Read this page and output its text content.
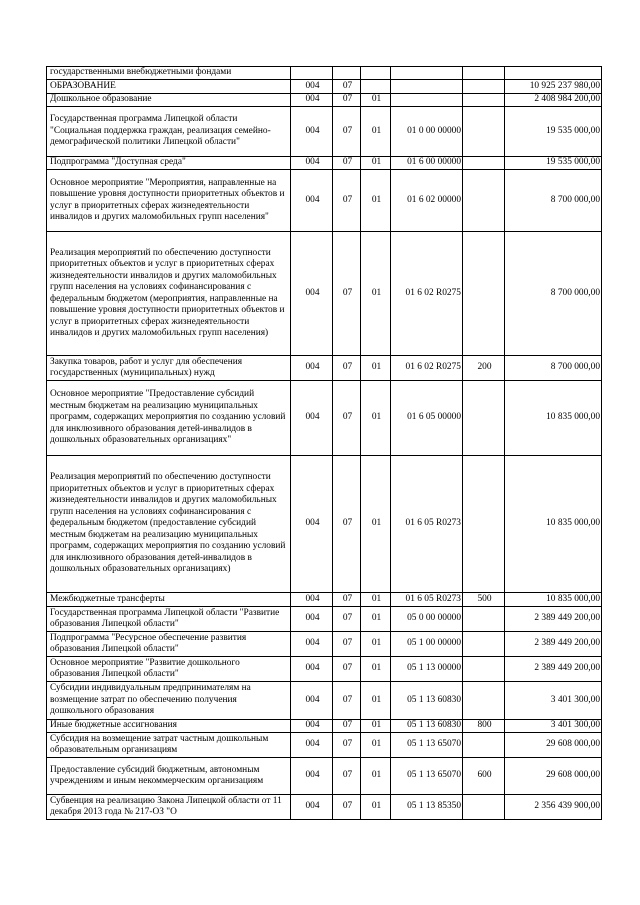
государственными внебюджетными фондами						
ОБРАЗОВАНИЕ	004	07				10 925 237 980,00
Дошкольное образование	004	07	01			2 408 984 200,00
Государственная программа Липецкой области "Социальная поддержка граждан, реализация семейно-демографической политики Липецкой области"	004	07	01	01 0 00 00000		19 535 000,00
Подпрограмма "Доступная среда"	004	07	01	01 6 00 00000		19 535 000,00
Основное мероприятие "Мероприятия, направленные на повышение уровня доступности приоритетных объектов и услуг в приоритетных сферах жизнедеятельности инвалидов и других маломобильных групп населения"	004	07	01	01 6 02 00000		8 700 000,00
Реализация мероприятий по обеспечению доступности приоритетных объектов и услуг в приоритетных сферах жизнедеятельности инвалидов и других маломобильных групп населения на условиях софинансирования с федеральным бюджетом (мероприятия, направленные на повышение уровня доступности приоритетных объектов и услуг в приоритетных сферах жизнедеятельности инвалидов и других маломобильных групп населения)	004	07	01	01 6 02 R0275		8 700 000,00
Закупка товаров, работ и услуг для обеспечения государственных (муниципальных) нужд	004	07	01	01 6 02 R0275	200	8 700 000,00
Основное мероприятие "Предоставление субсидий местным бюджетам на реализацию муниципальных программ, содержащих мероприятия по созданию условий для инклюзивного образования детей-инвалидов в дошкольных образовательных организациях"	004	07	01	01 6 05 00000		10 835 000,00
Реализация мероприятий по обеспечению доступности приоритетных объектов и услуг в приоритетных сферах жизнедеятельности инвалидов и других маломобильных групп населения на условиях софинансирования с федеральным бюджетом (предоставление субсидий местным бюджетам на реализацию муниципальных программ, содержащих мероприятия по созданию условий для инклюзивного образования детей-инвалидов в дошкольных образовательных организациях)	004	07	01	01 6 05 R0273		10 835 000,00
Межбюджетные трансферты	004	07	01	01 6 05 R0273	500	10 835 000,00
Государственная программа Липецкой области "Развитие образования Липецкой области"	004	07	01	05 0 00 00000		2 389 449 200,00
Подпрограмма "Ресурсное обеспечение развития образования Липецкой области"	004	07	01	05 1 00 00000		2 389 449 200,00
Основное мероприятие "Развитие дошкольного образования Липецкой области"	004	07	01	05 1 13 00000		2 389 449 200,00
Субсидии индивидуальным предпринимателям на возмещение затрат по обеспечению получения дошкольного образования	004	07	01	05 1 13 60830		3 401 300,00
Иные бюджетные ассигнования	004	07	01	05 1 13 60830	800	3 401 300,00
Субсидия на возмещение затрат частным дошкольным образовательным организациям	004	07	01	05 1 13 65070		29 608 000,00
Предоставление субсидий бюджетным, автономным учреждениям и иным некоммерческим организациям	004	07	01	05 1 13 65070	600	29 608 000,00
Субвенция на реализацию Закона Липецкой области от 11 декабря 2013 года № 217-ОЗ "О	004	07	01	05 1 13 85350		2 356 439 900,00
